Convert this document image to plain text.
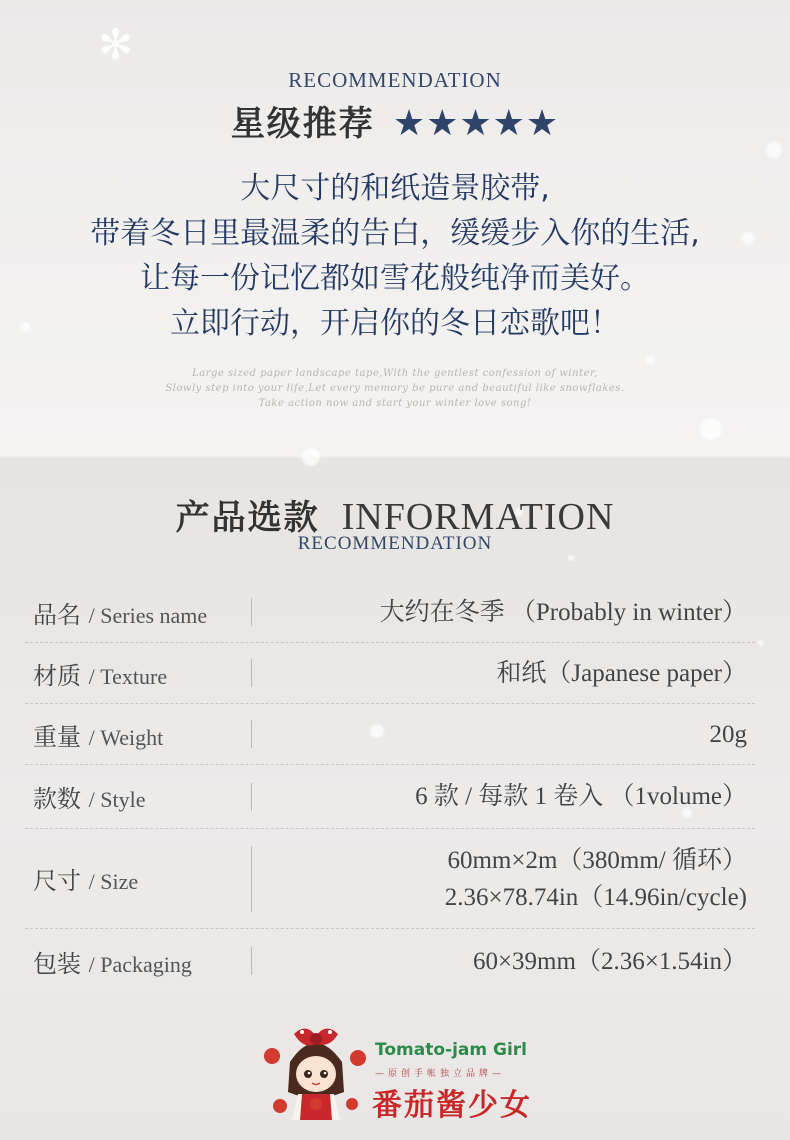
✻
RECOMMENDATION
星级推荐 ★★★★★
大尺寸的和纸造景胶带,
带着冬日里最温柔的告白，缓缓步入你的生活,
让每一份记忆都如雪花般纯净而美好。
立即行动，开启你的冬日恋歌吧！
Large sized paper landscape tape,With the gentlest confession of winter,
Slowly step into your life,Let every memory be pure and beautiful like snowflakes.
Take action now and start your winter love song!
产品选款 INFORMATION
RECOMMENDATION
品名 / Series name	大约在冬季 （Probably in winter）
材质 / Texture	和纸（Japanese paper）
重量 / Weight	20g
款数 / Style	6 款 / 每款 1 卷入 （1volume）
尺寸 / Size
60mm×2m（380mm/ 循环）
2.36×78.74in（14.96in/cycle)
包装 / Packaging	60×39mm（2.36×1.54in）
Tomato-jam Girl
—原创手帐独立品牌—
番茄酱少女
